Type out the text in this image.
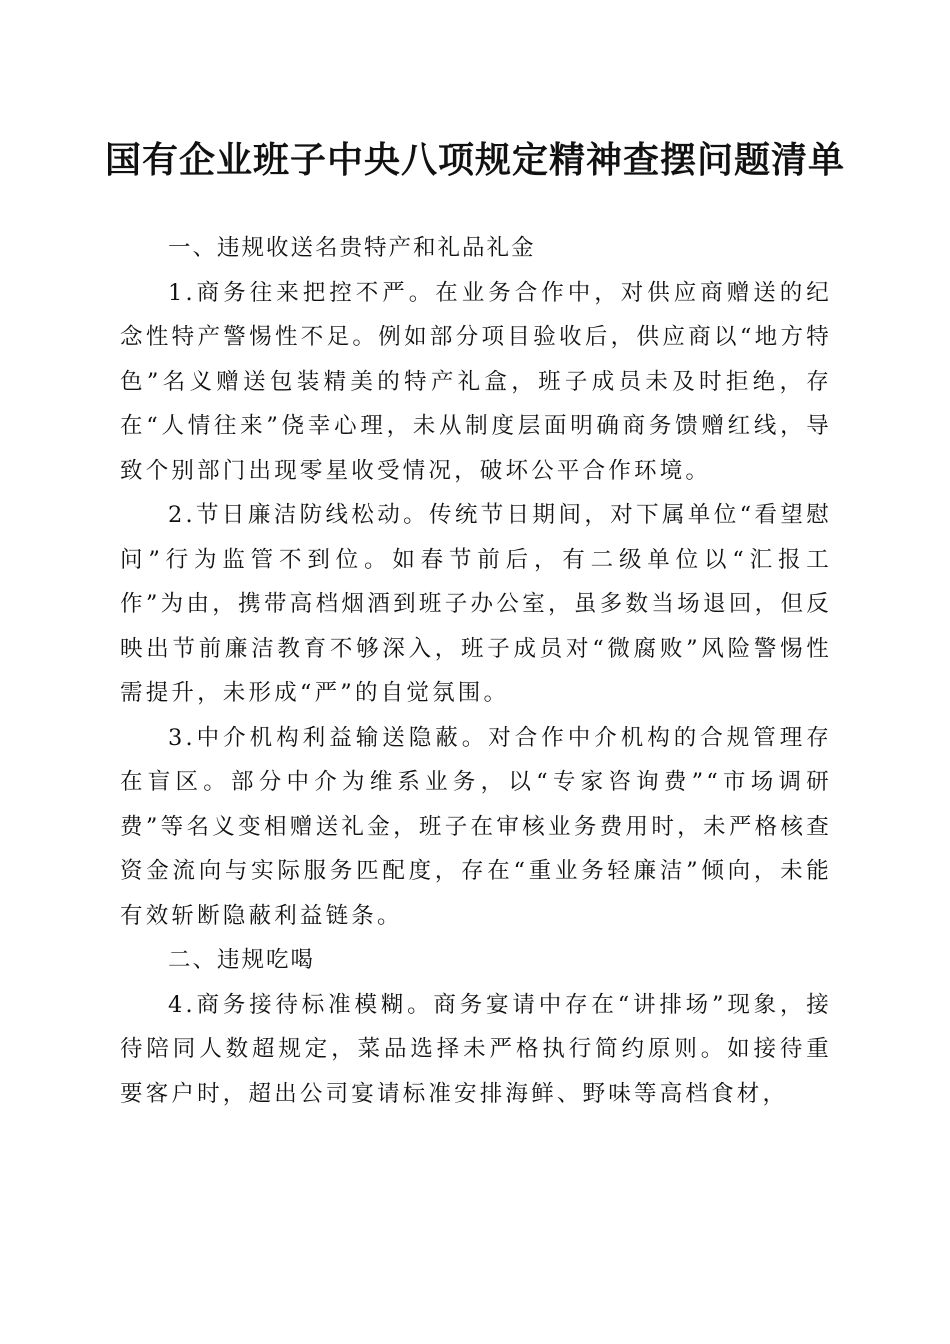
国有企业班子中央八项规定精神查摆问题清单

一、违规收送名贵特产和礼品礼金

1.商务往来把控不严。在业务合作中，对供应商赠送的纪念性特产警惕性不足。例如部分项目验收后，供应商以“地方特色”名义赠送包装精美的特产礼盒，班子成员未及时拒绝，存在“人情往来”侥幸心理，未从制度层面明确商务馈赠红线，导致个别部门出现零星收受情况，破坏公平合作环境。

2.节日廉洁防线松动。传统节日期间，对下属单位“看望慰问”行为监管不到位。如春节前后，有二级单位以“汇报工作”为由，携带高档烟酒到班子办公室，虽多数当场退回，但反映出节前廉洁教育不够深入，班子成员对“微腐败”风险警惕性需提升，未形成“严”的自觉氛围。

3.中介机构利益输送隐蔽。对合作中介机构的合规管理存在盲区。部分中介为维系业务，以“专家咨询费”“市场调研费”等名义变相赠送礼金，班子在审核业务费用时，未严格核查资金流向与实际服务匹配度，存在“重业务轻廉洁”倾向，未能有效斩断隐蔽利益链条。

二、违规吃喝

4.商务接待标准模糊。商务宴请中存在“讲排场”现象，接待陪同人数超规定，菜品选择未严格执行简约原则。如接待重要客户时，超出公司宴请标准安排海鲜、野味等高档食材，
